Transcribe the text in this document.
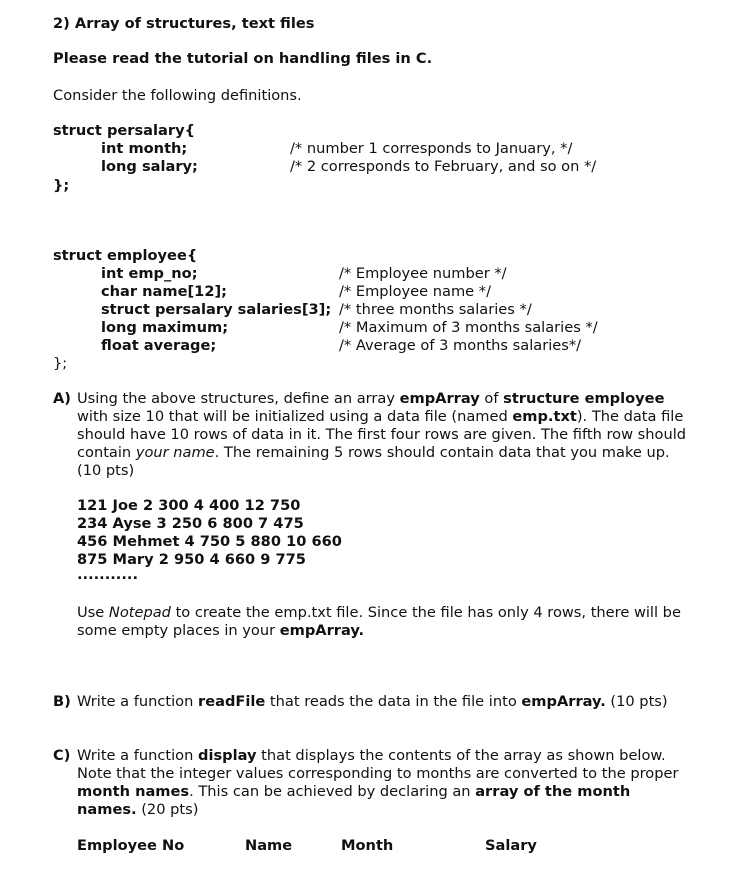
2) Array of structures, text files
Please read the tutorial on handling files in C.
Consider the following definitions.
struct persalary{
int month;	/* number 1 corresponds to January, */
long salary;	/* 2 corresponds to February, and so on */
};
struct employee{
int emp_no;	/* Employee number */
char name[12];	/* Employee name */
struct persalary salaries[3]; /* three months salaries */
long maximum;	/* Maximum of 3 months salaries */
float average;	/* Average of 3 months salaries*/
};
A) Using the above structures, define an array empArray of structure employee with size 10 that will be initialized using a data file (named emp.txt). The data file should have 10 rows of data in it. The first four rows are given. The fifth row should contain your name. The remaining 5 rows should contain data that you make up. (10 pts)
121 Joe 2 300 4 400 12 750
234 Ayse 3 250 6 800 7 475
456 Mehmet 4 750 5 880 10 660
875 Mary 2 950 4 660 9 775
...........
Use Notepad to create the emp.txt file. Since the file has only 4 rows, there will be some empty places in your empArray.
B) Write a function readFile that reads the data in the file into empArray. (10 pts)
C) Write a function display that displays the contents of the array as shown below. Note that the integer values corresponding to months are converted to the proper month names. This can be achieved by declaring an array of the month names. (20 pts)
Employee No	Name	Month	Salary
